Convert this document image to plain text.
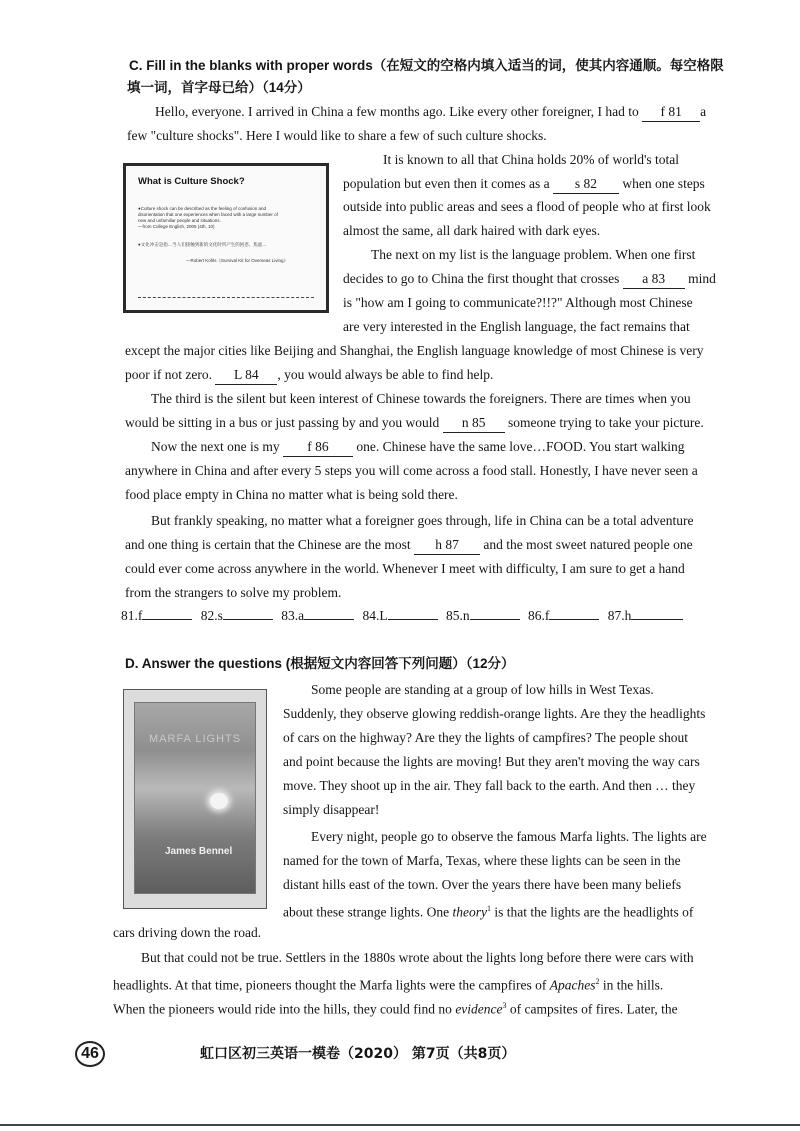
C. Fill in the blanks with proper words（在短文的空格内填入适当的词，使其内容通顺。每空格限
填一词，首字母已给）（14分）
Hello, everyone. I arrived in China a few months ago. Like every other foreigner, I had to f 81 a
few "culture shocks". Here I would like to share a few of such culture shocks.
What is Culture Shock?
●Culture shock can be described as the feeling of confusion and
disorientation that one experiences when faced with a large number of
new and unfamiliar people and situations.
—from College English, 2005 (4th, 10)
●文化冲击是指…当人们接触到新的文化时所产生的困惑、焦虑…
—Robert Kohls《Survival Kit for Overseas Living》
It is known to all that China holds 20% of world's total
population but even then it comes as a s 82 when one steps
outside into public areas and sees a flood of people who at first look
almost the same, all dark haired with dark eyes.
The next on my list is the language problem. When one first
decides to go to China the first thought that crosses a 83 mind
is "how am I going to communicate?!!?" Although most Chinese
are very interested in the English language, the fact remains that
except the major cities like Beijing and Shanghai, the English language knowledge of most Chinese is very
poor if not zero. L 84 , you would always be able to find help.
The third is the silent but keen interest of Chinese towards the foreigners. There are times when you
would be sitting in a bus or just passing by and you would n 85 someone trying to take your picture.
Now the next one is my f 86 one. Chinese have the same love…FOOD. You start walking
anywhere in China and after every 5 steps you will come across a food stall. Honestly, I have never seen a
food place empty in China no matter what is being sold there.
But frankly speaking, no matter what a foreigner goes through, life in China can be a total adventure
and one thing is certain that the Chinese are the most h 87 and the most sweet natured people one
could ever come across anywhere in the world. Whenever I meet with difficulty, I am sure to get a hand
from the strangers to solve my problem.
81.f	82.s	83.a	84.L	85.n	86.f	87.h
D. Answer the questions (根据短文内容回答下列问题）（12分）
MARFA LIGHTS
James Bennel
Some people are standing at a group of low hills in West Texas.
Suddenly, they observe glowing reddish-orange lights. Are they the headlights
of cars on the highway? Are they the lights of campfires? The people shout
and point because the lights are moving! But they aren't moving the way cars
move. They shoot up in the air. They fall back to the earth. And then … they
simply disappear!
Every night, people go to observe the famous Marfa lights. The lights are
named for the town of Marfa, Texas, where these lights can be seen in the
distant hills east of the town. Over the years there have been many beliefs
about these strange lights. One theory$^1$ is that the lights are the headlights of
cars driving down the road.
But that could not be true. Settlers in the 1880s wrote about the lights long before there were cars with
headlights. At that time, pioneers thought the Marfa lights were the campfires of Apaches$^2$ in the hills.
When the pioneers would ride into the hills, they could find no evidence$^3$ of campsites of fires. Later, the
46	虹口区初三英语一模卷（2020） 第7页（共8页）
